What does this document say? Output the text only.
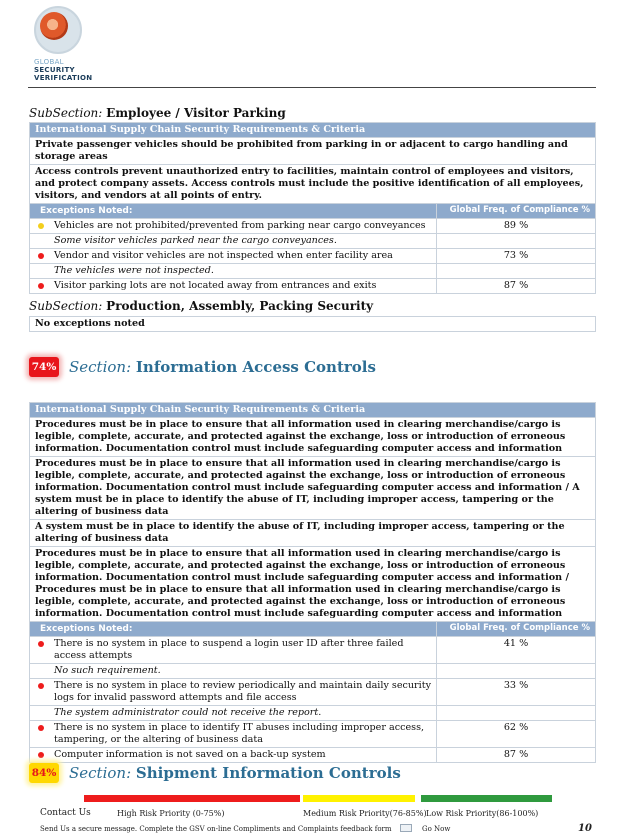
GLOBAL
SECURITY
VERIFICATION
SubSection: Employee / Visitor Parking
International Supply Chain Security Requirements & Criteria	
Private passenger vehicles should be prohibited from parking in or adjacent to cargo handling and storage areas	
Access controls prevent unauthorized entry to facilities, maintain control of employees and visitors, and protect company assets. Access controls must include the positive identification of all employees, visitors, and vendors at all points of entry.	
Exceptions Noted:	Global Freq. of Compliance %

Vehicles are not prohibited/prevented from parking near cargo conveyances	89 %
Some visitor vehicles parked near the cargo conveyances.	

Vendor and visitor vehicles are not inspected when enter facility area	73 %
The vehicles were not inspected.	

Visitor parking lots are not located away from entrances and exits	87 %
SubSection: Production, Assembly, Packing Security
No exceptions noted
74% Section: Information Access Controls
International Supply Chain Security Requirements & Criteria	
Procedures must be in place to ensure that all information used in clearing merchandise/cargo is legible, complete, accurate, and protected against the exchange, loss or introduction of erroneous information. Documentation control must include safeguarding computer access and information	
Procedures must be in place to ensure that all information used in clearing merchandise/cargo is legible, complete, accurate, and protected against the exchange, loss or introduction of erroneous information. Documentation control must include safeguarding computer access and information / A system must be in place to identify the abuse of IT, including improper access, tampering or the altering of business data	
A system must be in place to identify the abuse of IT, including improper access, tampering or the altering of business data	
Procedures must be in place to ensure that all information used in clearing merchandise/cargo is legible, complete, accurate, and protected against the exchange, loss or introduction of erroneous information. Documentation control must include safeguarding computer access and information / Procedures must be in place to ensure that all information used in clearing merchandise/cargo is legible, complete, accurate, and protected against the exchange, loss or introduction of erroneous information. Documentation control must include safeguarding computer access and information	
Exceptions Noted:	Global Freq. of Compliance %

There is no system in place to suspend a login user ID after three failed access attempts	41 %
No such requirement.	

There is no system in place to review periodically and maintain daily security logs for invalid password attempts and file access	33 %
The system administrator could not receive the report.	

There is no system in place to identify IT abuses including improper access, tampering, or the altering of business data	62 %

Computer information is not saved on a back-up system	87 %
84% Section: Shipment Information Controls
Contact Us	High Risk Priority (0-75%)	Medium Risk Priority(76-85%) Low Risk Priority(86-100%)
Send Us a secure message. Complete the GSV on-line Compliments and Complaints feedback form	Go Now	10
